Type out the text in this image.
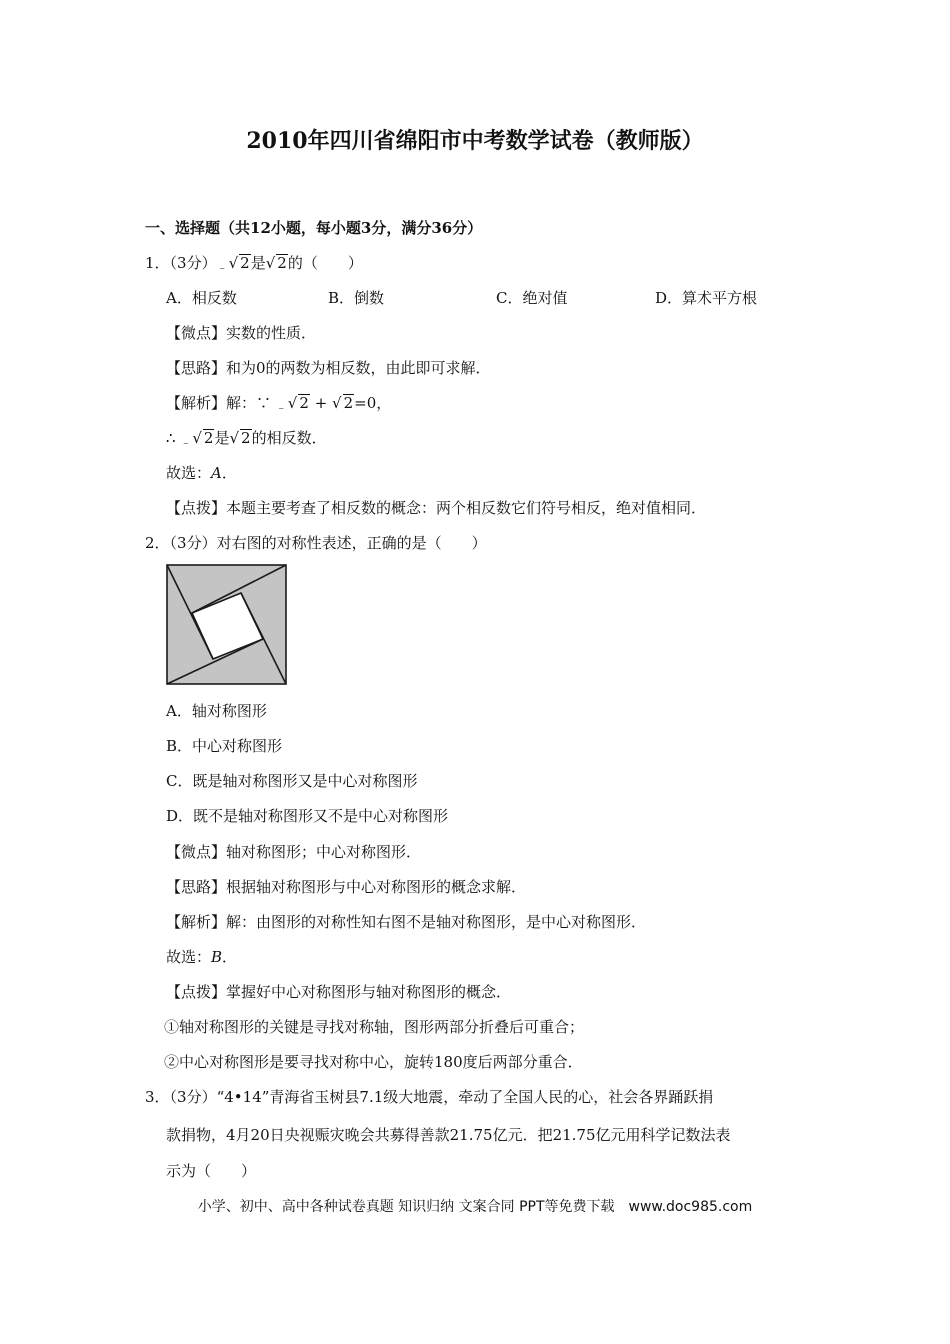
2010年四川省绵阳市中考数学试卷（教师版）
一、选择题（共12小题，每小题3分，满分36分）
1．（3分）$_﹣√$ 2是√ 2的（　　）
A．相反数	B．倒数	C．绝对值	D．算术平方根
【微点】实数的性质．
【思路】和为0的两数为相反数，由此即可求解．
【解析】解：∵ $_﹣$√ 2 + √ 2=0，
∴ $_﹣$√ 2是√ 2的相反数．
故选：A．
【点拨】本题主要考查了相反数的概念：两个相反数它们符号相反，绝对值相同．
2．（3分）对右图的对称性表述，正确的是（　　）
A．轴对称图形
B．中心对称图形
C．既是轴对称图形又是中心对称图形
D．既不是轴对称图形又不是中心对称图形
【微点】轴对称图形；中心对称图形．
【思路】根据轴对称图形与中心对称图形的概念求解．
【解析】解：由图形的对称性知右图不是轴对称图形，是中心对称图形．
故选：B．
【点拨】掌握好中心对称图形与轴对称图形的概念．
①轴对称图形的关键是寻找对称轴，图形两部分折叠后可重合；
②中心对称图形是要寻找对称中心，旋转180度后两部分重合．
3．（3分）“4•14”青海省玉树县7.1级大地震，牵动了全国人民的心，社会各界踊跃捐
款捐物，4月20日央视赈灾晚会共募得善款21.75亿元．把21.75亿元用科学记数法表
示为（　　）
小学、初中、高中各种试卷真题 知识归纳 文案合同 PPT等免费下载　www.doc985.com
